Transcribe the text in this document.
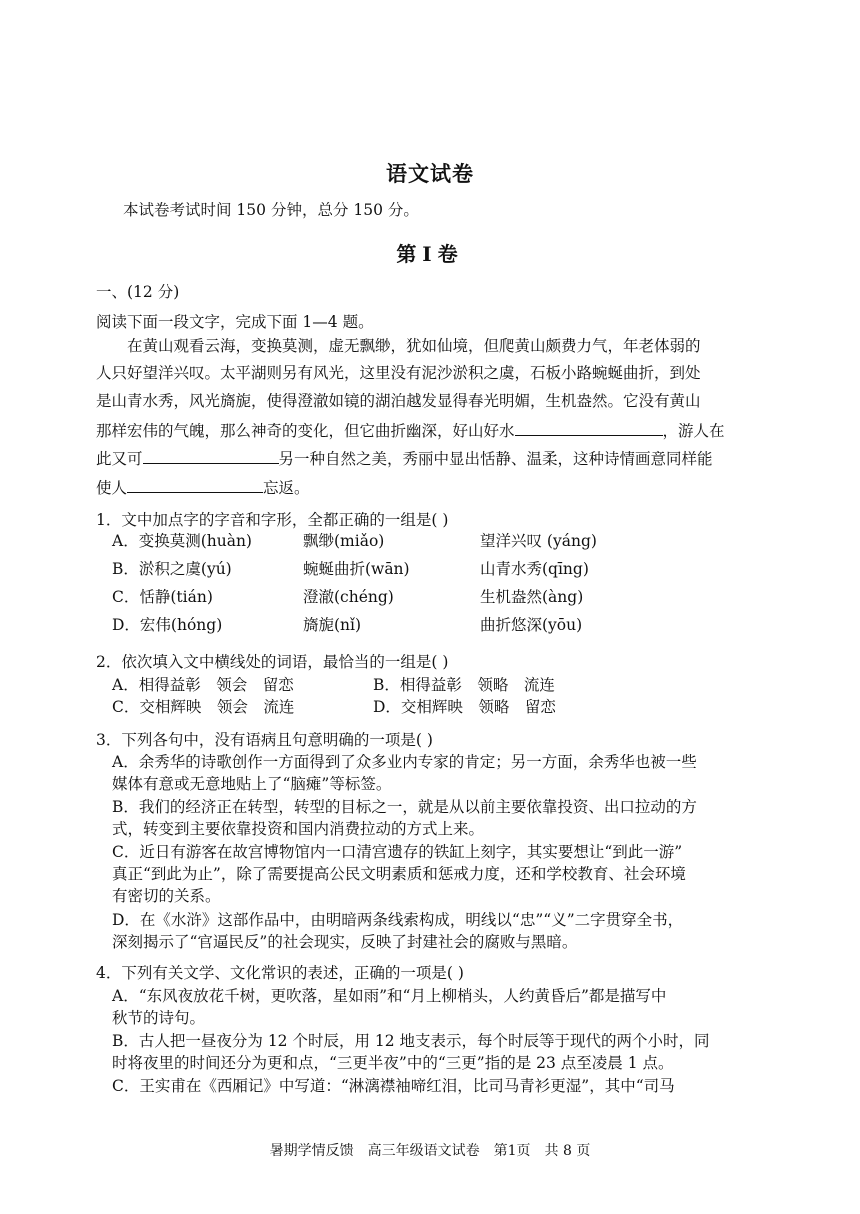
语文试卷
本试卷考试时间 150 分钟，总分 150 分。
第Ⅰ卷
一、(12 分)
阅读下面一段文字，完成下面 1—4 题。
在黄山观看云海，变换莫测，虚无飘缈，犹如仙境，但爬黄山颇费力气，年老体弱的
人只好望洋兴叹。太平湖则另有风光，这里没有泥沙淤积之虞，石板小路蜿蜒曲折，到处
是山青水秀，风光旖旎，使得澄澈如镜的湖泊越发显得春光明媚，生机盎然。它没有黄山
那样宏伟的气魄，那么神奇的变化，但它曲折幽深，好山好水	，游人在
此又可	另一种自然之美，秀丽中显出恬静、温柔，这种诗情画意同样能
使人	忘返。
1．文中加点字的字音和字形，全都正确的一组是( )
A．变换莫测(huàn)	飘缈(miǎo)	望洋兴叹 (yáng)
B．淤积之虞(yú)	蜿蜒曲折(wān)	山青水秀(qīng)
C．恬静(tián)	澄澈(chéng)	生机盎然(àng)
D．宏伟(hóng)	旖旎(nǐ)	曲折悠深(yōu)
2．依次填入文中横线处的词语，最恰当的一组是( )
A．相得益彰　领会　留恋	B．相得益彰　领略　流连
C．交相辉映　领会　流连	D．交相辉映　领略　留恋
3．下列各句中，没有语病且句意明确的一项是( )
A．余秀华的诗歌创作一方面得到了众多业内专家的肯定；另一方面，余秀华也被一些
媒体有意或无意地贴上了“脑瘫”等标签。
B．我们的经济正在转型，转型的目标之一，就是从以前主要依靠投资、出口拉动的方
式，转变到主要依靠投资和国内消费拉动的方式上来。
C．近日有游客在故宫博物馆内一口清宫遗存的铁缸上刻字，其实要想让“到此一游”
真正“到此为止”，除了需要提高公民文明素质和惩戒力度，还和学校教育、社会环境
有密切的关系。
D．在《水浒》这部作品中，由明暗两条线索构成，明线以“忠”“义”二字贯穿全书，
深刻揭示了“官逼民反”的社会现实，反映了封建社会的腐败与黑暗。
4．下列有关文学、文化常识的表述，正确的一项是( )
A．“东风夜放花千树，更吹落，星如雨”和“月上柳梢头，人约黄昏后”都是描写中
秋节的诗句。
B．古人把一昼夜分为 12 个时辰，用 12 地支表示，每个时辰等于现代的两个小时，同
时将夜里的时间还分为更和点，“三更半夜”中的“三更”指的是 23 点至凌晨 1 点。
C．王实甫在《西厢记》中写道：“淋漓襟袖啼红泪，比司马青衫更湿”，其中“司马
暑期学情反馈　高三年级语文试卷　第1页　共 8 页
